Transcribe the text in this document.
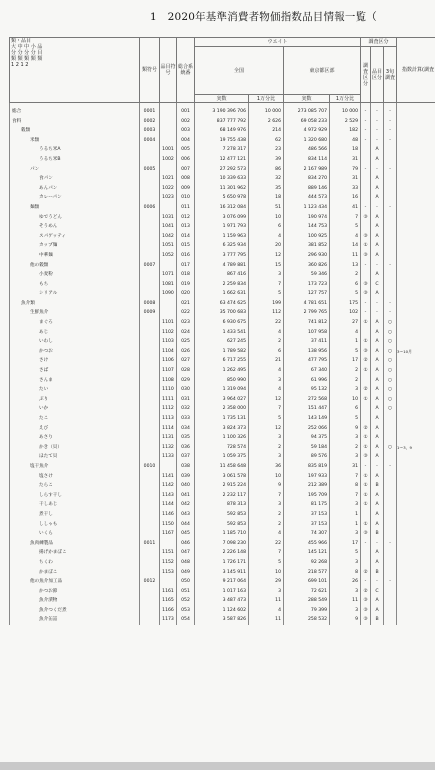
1　2020年基準消費者物価指数品目情報一覧（
類・品目
大 中 中 小 品
分 分 分 分 目
類 類 類 類 類
1 2 1 2	類符号	品目符号	総合系統番	ウエイト				調査区分			指数計算(調査
				全国		東京都区部		調査区分	品目区分	3旬調査	
				実数	1万分比	実数	1万分比				
総合	0001		001	3 190 396 706	10 000	273 085 707	10 000	-	-	-	
食料	0002		002	837 777 792	2 626	69 058 233	2 529	-	-	-	
穀類	0003		003	68 149 976	214	4 972 929	182	-	-	-	
米類	0004		004	19 755 438	62	1 320 680	48	-	-	-	
うるち米A		1001	005	7 278 317	23	486 566	18		A		
うるち米B		1002	006	12 477 121	39	834 114	31		A		
パン	0005		007	27 292 573	86	2 167 989	79	-	-	-	
食パン		1021	008	10 339 633	32	834 270	31		A		
あんパン		1022	009	11 301 962	35	889 146	33		A		
カレーパン		1023	010	5 650 978	18	444 573	16		A		
麺類	0006		011	16 312 084	51	1 123 434	41	-	-	-	
ゆでうどん		1031	012	3 076 099	10	190 974	7	③	A		
そうめん		1041	013	1 971 793	6	144 753	5		A		
スパゲッティ		1042	014	1 159 963	4	100 925	4	③	A		
カップ麺		1051	015	6 325 934	20	381 852	14	①	A		
中華麺		1052	016	3 777 795	12	296 930	11	③	A		
他の穀類	0007		017	4 789 881	15	360 826	13	-	-	-	
小麦粉		1071	018	867 416	3	59 346	2		A		
もち		1081	019	2 259 834	7	173 723	6	③	C		
シリアル		1090	020	1 662 631	5	127 757	5	③	A		
魚介類	0008		021	63 474 625	199	4 781 651	175	-	-	-	
生鮮魚介	0009		022	35 700 683	112	2 799 765	102	-	-	-	
まぐろ		1101	023	6 930 675	22	741 812	27	①	A	○	
あじ		1102	024	1 433 541	4	107 958	4		A	○	
いわし		1103	025	627 245	2	37 411	1	①	A	○	
かつお		1104	026	1 789 582	6	138 956	5	③	A	○	3～10月
さけ		1106	027	6 717 255	21	477 795	17	②	A	○	
さば		1107	028	1 262 495	4	67 340	2	①	A	○	
さんま		1108	029	850 990	3	61 996	2		A	○	
たい		1110	030	1 319 094	4	95 132	3	②	A	○	
ぶり		1111	031	3 964 027	12	272 568	10	①	A	○	
いか		1112	032	2 358 000	7	151 447	6		A	○	
たこ		1113	033	1 735 131	5	143 149	5		A		
えび		1114	034	3 824 373	12	252 066	9	②	A		
あさり		1131	035	1 100 326	3	94 375	3	①	A		
かき（貝）		1132	036	728 574	2	59 184	2	①	A	○	1～3，9
ほたて貝		1133	037	1 059 375	3	89 576	3	③	A		
塩干魚介	0010		038	11 458 648	36	835 819	31	-	-	-	
塩さけ		1141	039	3 061 578	10	197 933	7	①	A		
たらこ		1142	040	2 915 224	9	212 389	8	①	B		
しらす干し		1143	041	2 232 117	7	195 709	7	①	A		
干しあじ		1144	042	878 313	3	81 175	3	①	A		
煮干し		1146	043	592 853	2	37 153	1		A		
ししゃも		1150	044	592 853	2	37 153	1	①	A		
いくら		1167	045	1 185 710	4	74 307	3	③	B		
魚肉練製品	0011		046	7 098 230	22	455 966	17	-	-	-	
揚げかまぼこ		1151	047	2 226 148	7	145 121	5		A		
ちくわ		1152	048	1 726 171	5	92 268	3		A		
かまぼこ		1153	049	3 145 911	10	218 577	8	②	B		
他の魚介加工品	0012		050	9 217 064	29	699 101	26	-	-	-	
かつお節		1161	051	1 017 163	3	72 621	3	②	C		
魚介漬物		1165	052	3 487 473	11	288 549	11	③	A		
魚介つくだ煮		1166	053	1 124 602	4	79 399	3	③	A		
魚介缶詰		1173	054	3 587 826	11	258 532	9	③	B		
